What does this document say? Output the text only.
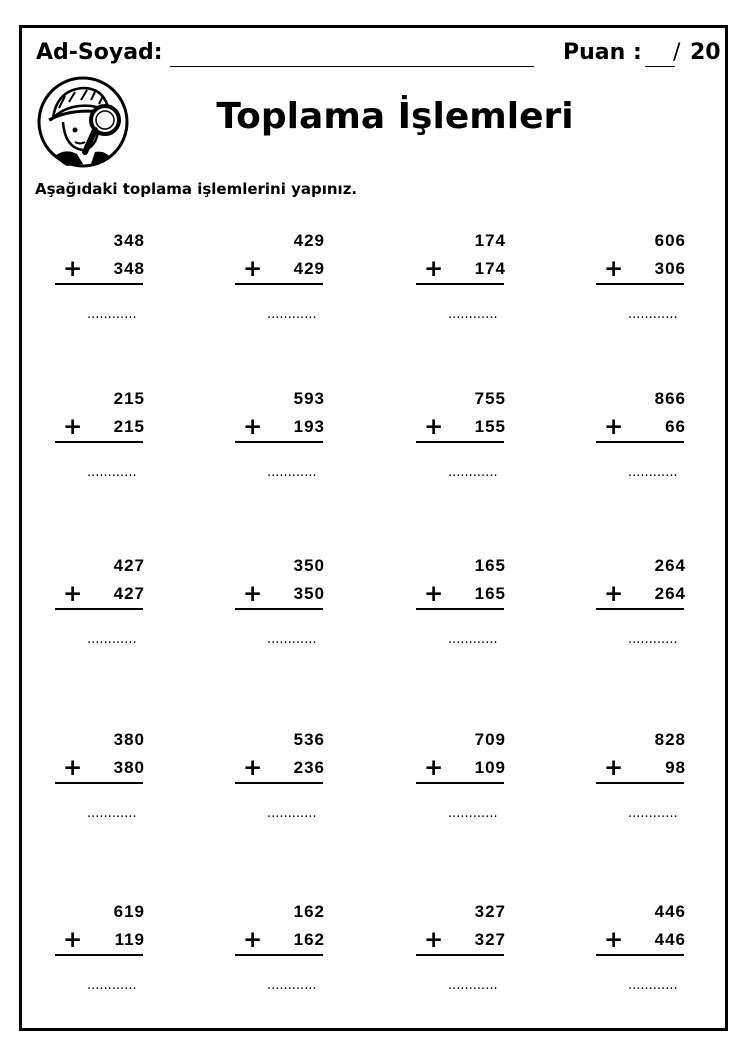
Ad-Soyad:	Puan : / 20
Toplama İşlemleri
Aşağıdaki toplama işlemlerini yapınız.
348
+ 348
............
429
+ 429
............
174
+ 174
............
606
+ 306
............
215
+ 215
............
593
+ 193
............
755
+ 155
............
866
+ 66
............
427
+ 427
............
350
+ 350
............
165
+ 165
............
264
+ 264
............
380
+ 380
............
536
+ 236
............
709
+ 109
............
828
+ 98
............
619
+ 119
............
162
+ 162
............
327
+ 327
............
446
+ 446
............
